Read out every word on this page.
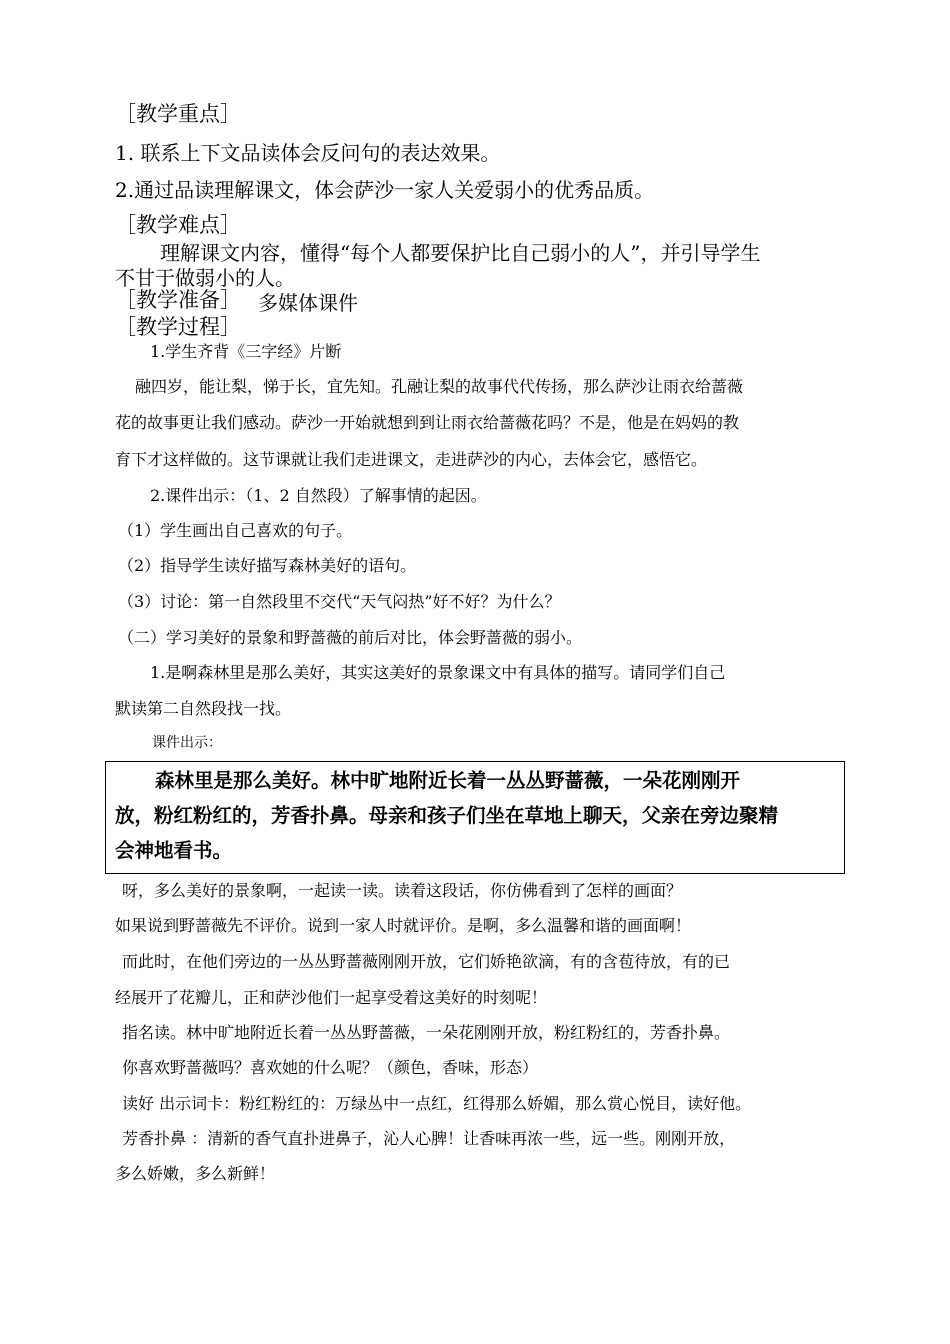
［教学重点］
1. 联系上下文品读体会反问句的表达效果。
2.通过品读理解课文，体会萨沙一家人关爱弱小的优秀品质。
［教学难点］
理解课文内容，懂得“每个人都要保护比自己弱小的人”，并引导学生
不甘于做弱小的人。
［教学准备］ 多媒体课件
［教学过程］
1.学生齐背《三字经》片断
融四岁，能让梨，悌于长，宜先知。孔融让梨的故事代代传扬，那么萨沙让雨衣给蔷薇
花的故事更让我们感动。萨沙一开始就想到到让雨衣给蔷薇花吗？不是，他是在妈妈的教
育下才这样做的。这节课就让我们走进课文，走进萨沙的内心，去体会它，感悟它。
2.课件出示：（1、2 自然段）了解事情的起因。
（1）学生画出自己喜欢的句子。
（2）指导学生读好描写森林美好的语句。
（3）讨论：第一自然段里不交代“天气闷热”好不好？为什么？
（二）学习美好的景象和野蔷薇的前后对比，体会野蔷薇的弱小。
1.是啊森林里是那么美好，其实这美好的景象课文中有具体的描写。请同学们自己
默读第二自然段找一找。
课件出示：
森林里是那么美好。林中旷地附近长着一丛丛野蔷薇，一朵花刚刚开
放，粉红粉红的，芳香扑鼻。母亲和孩子们坐在草地上聊天，父亲在旁边聚精
会神地看书。
呀，多么美好的景象啊，一起读一读。读着这段话，你仿佛看到了怎样的画面？
如果说到野蔷薇先不评价。说到一家人时就评价。是啊，多么温馨和谐的画面啊！
而此时，在他们旁边的一丛丛野蔷薇刚刚开放，它们娇艳欲滴，有的含苞待放，有的已
经展开了花瓣儿，正和萨沙他们一起享受着这美好的时刻呢！
指名读。林中旷地附近长着一丛丛野蔷薇，一朵花刚刚开放，粉红粉红的，芳香扑鼻。
你喜欢野蔷薇吗？喜欢她的什么呢？（颜色，香味，形态）
读好 出示词卡：粉红粉红的：万绿丛中一点红，红得那么娇媚，那么赏心悦目，读好他。
芳香扑鼻 ：清新的香气直扑进鼻子，沁人心脾！让香味再浓一些，远一些。刚刚开放，
多么娇嫩，多么新鲜！
